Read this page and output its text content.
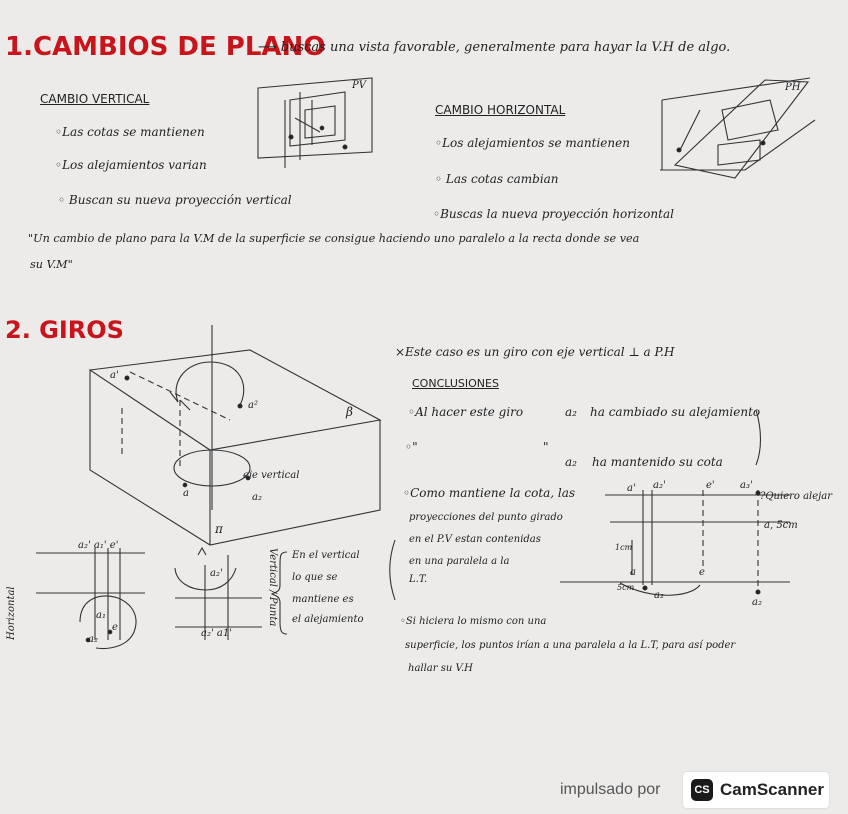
1.CAMBIOS DE PLANO
⟶ buscas una vista favorable, generalmente para hayar la V.H de algo.
CAMBIO VERTICAL
◦Las cotas se mantienen
◦Los alejamientos varian
◦ Buscan su nueva proyección vertical
PV
CAMBIO HORIZONTAL
◦Los alejamientos se mantienen
◦ Las cotas cambian
◦Buscas la nueva proyección horizontal
PH
"Un cambio de plano para la V.M de la superficie se consigue haciendo uno paralelo a la recta donde se vea
su V.M"
2. GIROS
×Este caso es un giro con eje vertical ⊥ a P.H
CONCLUSIONES
◦Al hacer este giro	a₂ ha cambiado su alejamiento
◦"	"
a₂ ha mantenido su cota
◦Como mantiene la cota, las
proyecciones del punto girado
en el P.V estan contenidas
en una paralela a la
L.T.
◦Si hiciera lo mismo con una
superficie, los puntos irían a una paralela a la L.T, para así poder
hallar su V.H
a'
a²	β
π
eje vertical
a	a₂
Horizontal
a₂' a₁' e'
a₁
a₂
e
Vertical / Punta
a₂'
a₂' a1'
En el vertical
lo que se
mantiene es
el alejamiento
a' a₂'	e'	a₃'
?Quiero alejar
a, 5cm
1cm
5cm
a
a₂
a₂
e
impulsado por	CS CamScanner
